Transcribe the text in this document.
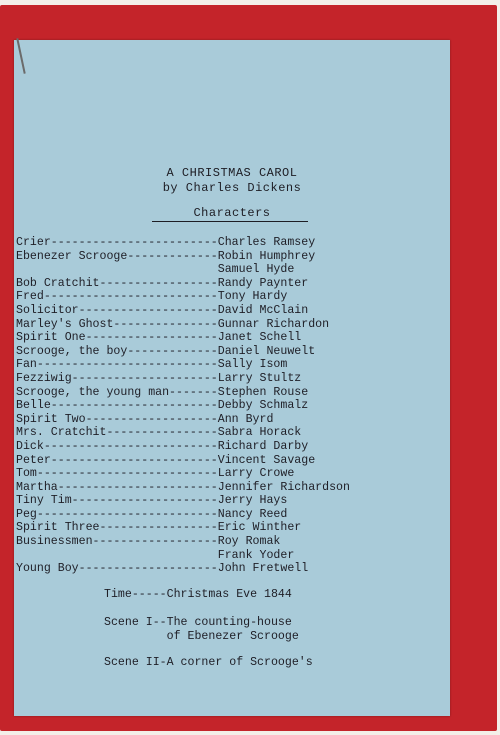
A CHRISTMAS CAROL
by Charles Dickens
Characters
Crier------------------------Charles Ramsey
Ebenezer Scrooge-------------Robin Humphrey
Samuel Hyde
Bob Cratchit-----------------Randy Paynter
Fred-------------------------Tony Hardy
Solicitor--------------------David McClain
Marley's Ghost---------------Gunnar Richardon
Spirit One-------------------Janet Schell
Scrooge, the boy-------------Daniel Neuwelt
Fan--------------------------Sally Isom
Fezziwig---------------------Larry Stultz
Scrooge, the young man-------Stephen Rouse
Belle------------------------Debby Schmalz
Spirit Two-------------------Ann Byrd
Mrs. Cratchit----------------Sabra Horack
Dick-------------------------Richard Darby
Peter------------------------Vincent Savage
Tom--------------------------Larry Crowe
Martha-----------------------Jennifer Richardson
Tiny Tim---------------------Jerry Hays
Peg--------------------------Nancy Reed
Spirit Three-----------------Eric Winther
Businessmen------------------Roy Romak
Frank Yoder
Young Boy--------------------John Fretwell
Time-----Christmas Eve 1844
Scene I--The counting-house
of Ebenezer Scrooge
Scene II-A corner of Scrooge's
